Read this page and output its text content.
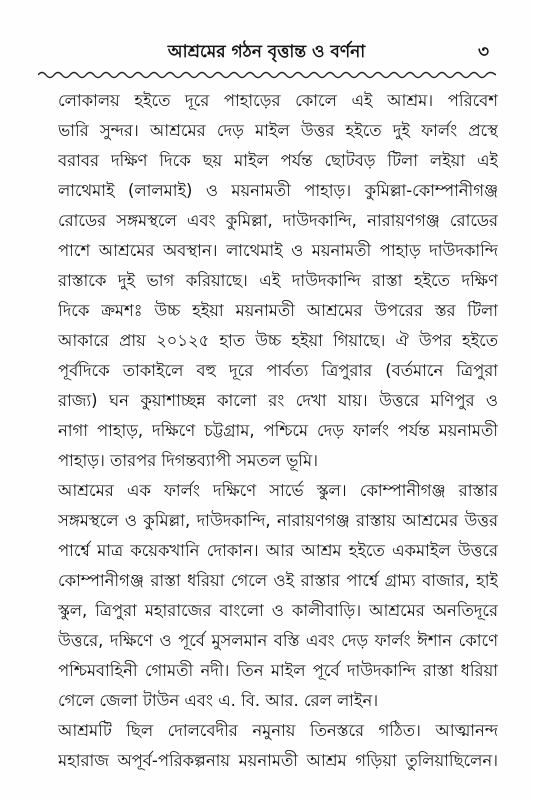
আশ্রমের গঠন বৃত্তান্ত ও বর্ণনা	৩
লোকালয় হইতে দূরে পাহাড়ের কোলে এই আশ্রম। পরিবেশ
ভারি সুন্দর। আশ্রমের দেড় মাইল উত্তর হইতে দুই ফার্লং প্রস্থে
বরাবর দক্ষিণ দিকে ছয় মাইল পর্যন্ত ছোটবড় টিলা লইয়া এই
লাথেমাই (লালমাই) ও ময়নামতী পাহাড়। কুমিল্লা-কোম্পানীগঞ্জ
রোডের সঙ্গমস্থলে এবং কুমিল্লা, দাউদকান্দি, নারায়ণগঞ্জ রোডের
পাশে আশ্রমের অবস্থান। লাথেমাই ও ময়নামতী পাহাড় দাউদকান্দি
রাস্তাকে দুই ভাগ করিয়াছে। এই দাউদকান্দি রাস্তা হইতে দক্ষিণ
দিকে ক্রমশঃ উচ্চ হইয়া ময়নামতী আশ্রমের উপরের স্তর টিলা
আকারে প্রায় ২০১২৫ হাত উচ্চ হইয়া গিয়াছে। ঐ উপর হইতে
পূর্বদিকে তাকাইলে বহু দূরে পার্বত্য ত্রিপুরার (বর্তমানে ত্রিপুরা
রাজ্য) ঘন কুয়াশাচ্ছন্ন কালো রং দেখা যায়। উত্তরে মণিপুর ও
নাগা পাহাড়, দক্ষিণে চট্টগ্রাম, পশ্চিমে দেড় ফার্লং পর্যন্ত ময়নামতী
পাহাড়। তারপর দিগন্তব্যাপী সমতল ভূমি।
আশ্রমের এক ফার্লং দক্ষিণে সার্ভে স্কুল। কোম্পানীগঞ্জ রাস্তার
সঙ্গমস্থলে ও কুমিল্লা, দাউদকান্দি, নারায়ণগঞ্জ রাস্তায় আশ্রমের উত্তর
পার্শ্বে মাত্র কয়েকখানি দোকান। আর আশ্রম হইতে একমাইল উত্তরে
কোম্পানীগঞ্জ রাস্তা ধরিয়া গেলে ওই রাস্তার পার্শ্বে গ্রাম্য বাজার, হাই
স্কুল, ত্রিপুরা মহারাজের বাংলো ও কালীবাড়ি। আশ্রমের অনতিদূরে
উত্তরে, দক্ষিণে ও পূর্বে মুসলমান বস্তি এবং দেড় ফার্লং ঈশান কোণে
পশ্চিমবাহিনী গোমতী নদী। তিন মাইল পূর্বে দাউদকান্দি রাস্তা ধরিয়া
গেলে জেলা টাউন এবং এ. বি. আর. রেল লাইন।
আশ্রমটি ছিল দোলবেদীর নমুনায় তিনস্তরে গঠিত। আত্মানন্দ
মহারাজ অপূর্ব-পরিকল্পনায় ময়নামতী আশ্রম গড়িয়া তুলিয়াছিলেন।
